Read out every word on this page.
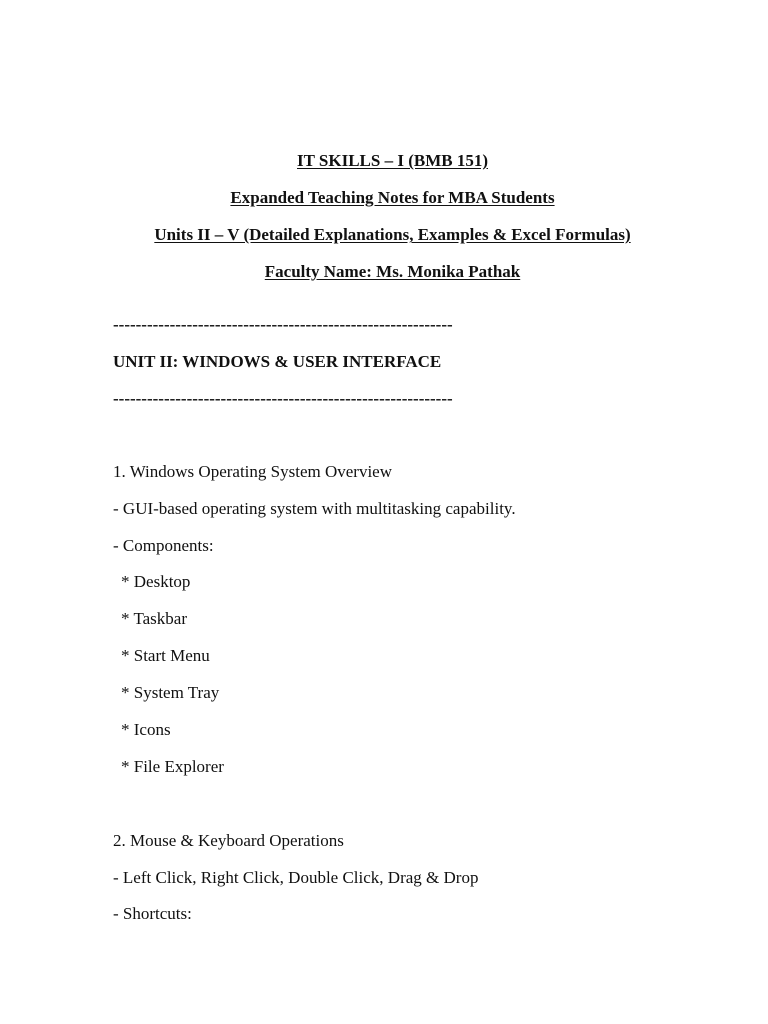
IT SKILLS – I (BMB 151)

Expanded Teaching Notes for MBA Students

Units II – V (Detailed Explanations, Examples & Excel Formulas)

Faculty Name: Ms. Monika Pathak

------------------------------------------------------------
UNIT II: WINDOWS & USER INTERFACE
------------------------------------------------------------
1. Windows Operating System Overview
- GUI-based operating system with multitasking capability.
- Components:
* Desktop
* Taskbar
* Start Menu
* System Tray
* Icons
* File Explorer
2. Mouse & Keyboard Operations
- Left Click, Right Click, Double Click, Drag & Drop
- Shortcuts:
